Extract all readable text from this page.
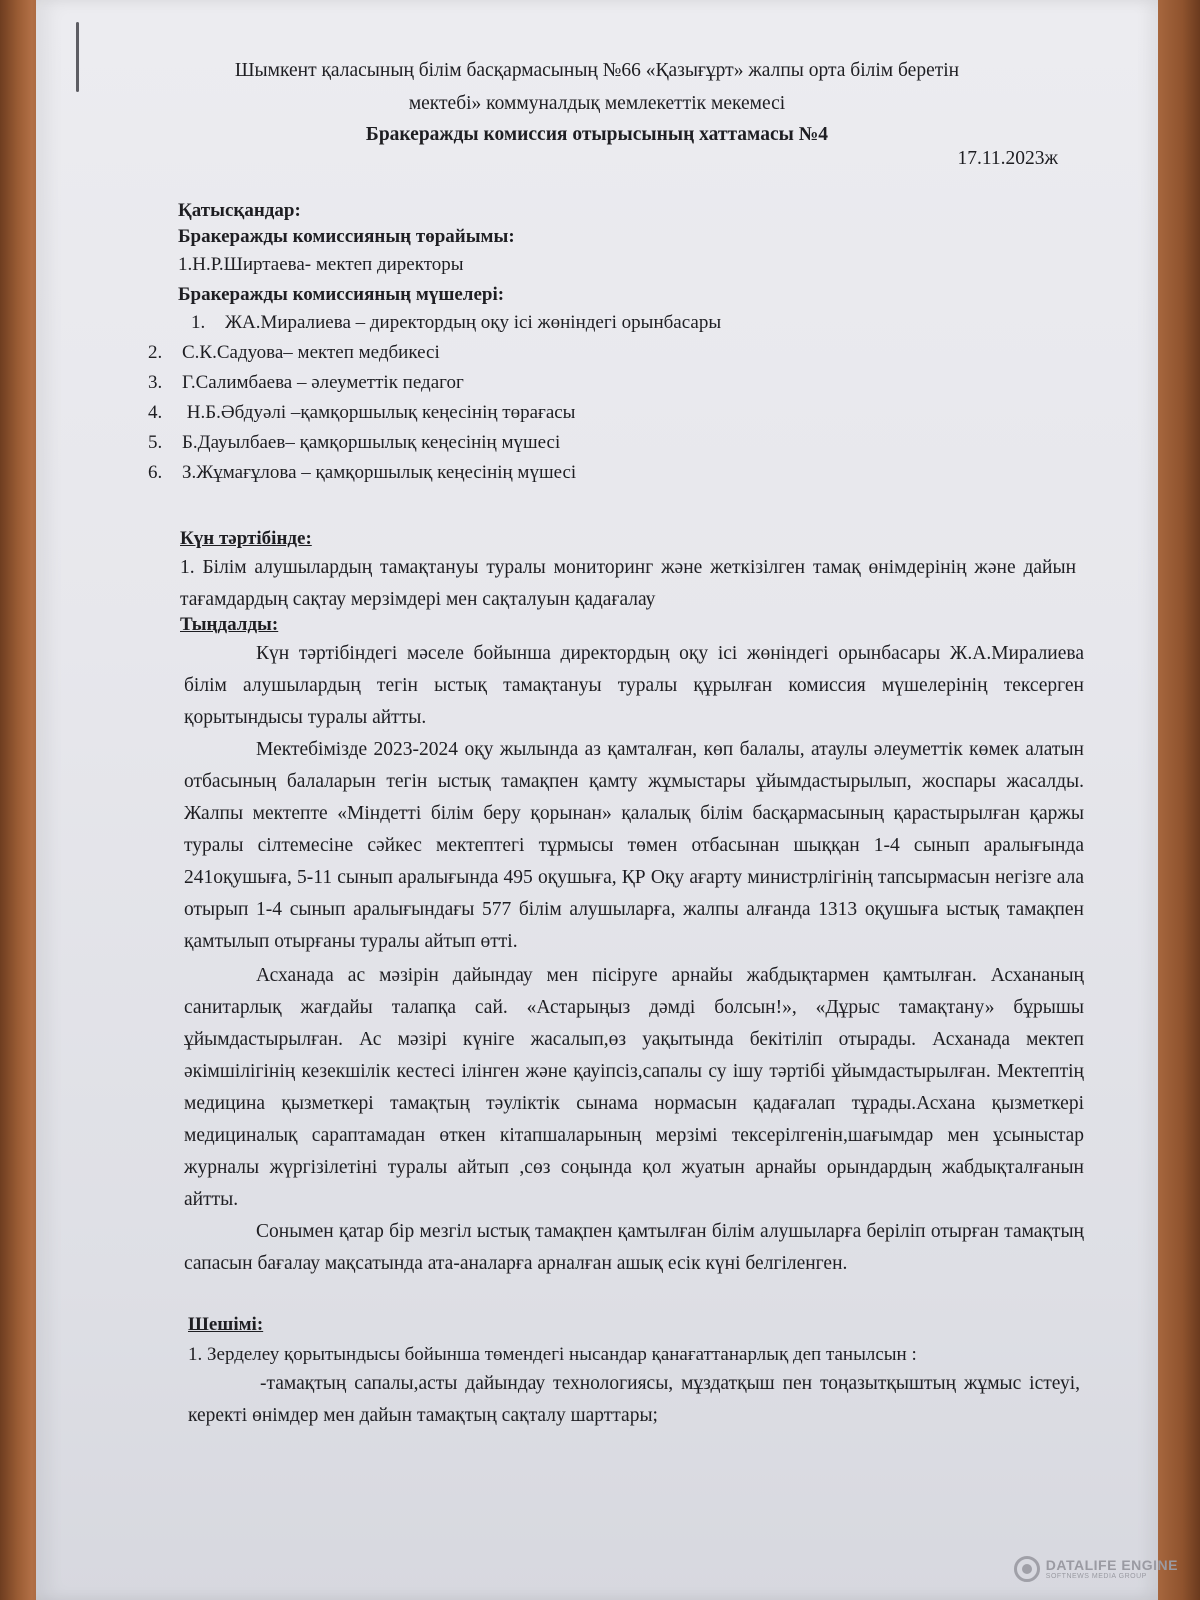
Шымкент қаласының білім басқармасының №66 «Қазығұрт» жалпы орта білім беретін
мектебі» коммуналдық мемлекеттік мекемесі
Бракеражды комиссия отырысының хаттамасы №4
17.11.2023ж
Қатысқандар:
Бракеражды комиссияның төрайымы:
1.Н.Р.Ширтаева- мектеп директоры
Бракеражды комиссияның мүшелері:
1. ЖА.Миралиева – директордың оқу ісі жөніндегі орынбасары
2. С.К.Садуова– мектеп медбикесі
3. Г.Салимбаева – әлеуметтік педагог
4. Н.Б.Әбдуәлі –қамқоршылық кеңесінің төрағасы
5. Б.Дауылбаев– қамқоршылық кеңесінің мүшесі
6. З.Жұмағұлова – қамқоршылық кеңесінің мүшесі
Күн тәртібінде:
1. Білім алушылардың тамақтануы туралы мониторинг және жеткізілген тамақ өнімдерінің және дайын тағамдардың сақтау мерзімдері мен сақталуын қадағалау
Тыңдалды:
Күн тәртібіндегі мәселе бойынша директордың оқу ісі жөніндегі орынбасары Ж.А.Миралиева білім алушылардың тегін ыстық тамақтануы туралы құрылған комиссия мүшелерінің тексерген қорытындысы туралы айтты.
Мектебімізде 2023-2024 оқу жылында аз қамталған, көп балалы, атаулы әлеуметтік көмек алатын отбасының балаларын тегін ыстық тамақпен қамту жұмыстары ұйымдастырылып, жоспары жасалды. Жалпы мектепте «Міндетті білім беру қорынан» қалалық білім басқармасының қарастырылған қаржы туралы сілтемесіне сәйкес мектептегі тұрмысы төмен отбасынан шыққан 1-4 сынып аралығында 241оқушыға, 5-11 сынып аралығында 495 оқушыға, ҚР Оқу ағарту министрлігінің тапсырмасын негізге ала отырып 1-4 сынып аралығындағы 577 білім алушыларға, жалпы алғанда 1313 оқушыға ыстық тамақпен қамтылып отырғаны туралы айтып өтті.
Асханада ас мәзірін дайындау мен пісіруге арнайы жабдықтармен қамтылған. Асхананың санитарлық жағдайы талапқа сай. «Астарыңыз дәмді болсын!», «Дұрыс тамақтану» бұрышы ұйымдастырылған. Ас мәзірі күнiге жасалып,өз уақытында бекітіліп отырады. Асханада мектеп әкімшілігінің кезекшілік кестесі ілінген және қауіпсіз,сапалы су ішу тәртібі ұйымдастырылған. Мектептің медицина қызметкері тамақтың тәуліктік сынама нормасын қадағалап тұрады.Асхана қызметкері медициналық сараптамадан өткен кітапшаларының мерзімі тексерілгенін,шағымдар мен ұсыныстар журналы жүргізілетіні туралы айтып ,сөз соңында қол жуатын арнайы орындардың жабдықталғанын айтты.
Сонымен қатар бір мезгіл ыстық тамақпен қамтылған білім алушыларға беріліп отырған тамақтың сапасын бағалау мақсатында ата-аналарға арналған ашық есік күні белгіленген.
Шешімі:
1. Зерделеу қорытындысы бойынша төмендегі нысандар қанағаттанарлық деп танылсын :
-тамақтың сапалы,асты дайындау технологиясы, мұздатқыш пен тоңазытқыштың жұмыс істеуі, керекті өнімдер мен дайын тамақтың сақталу шарттары;
DATALIFE ENGINE
SOFTNEWS MEDIA GROUP
